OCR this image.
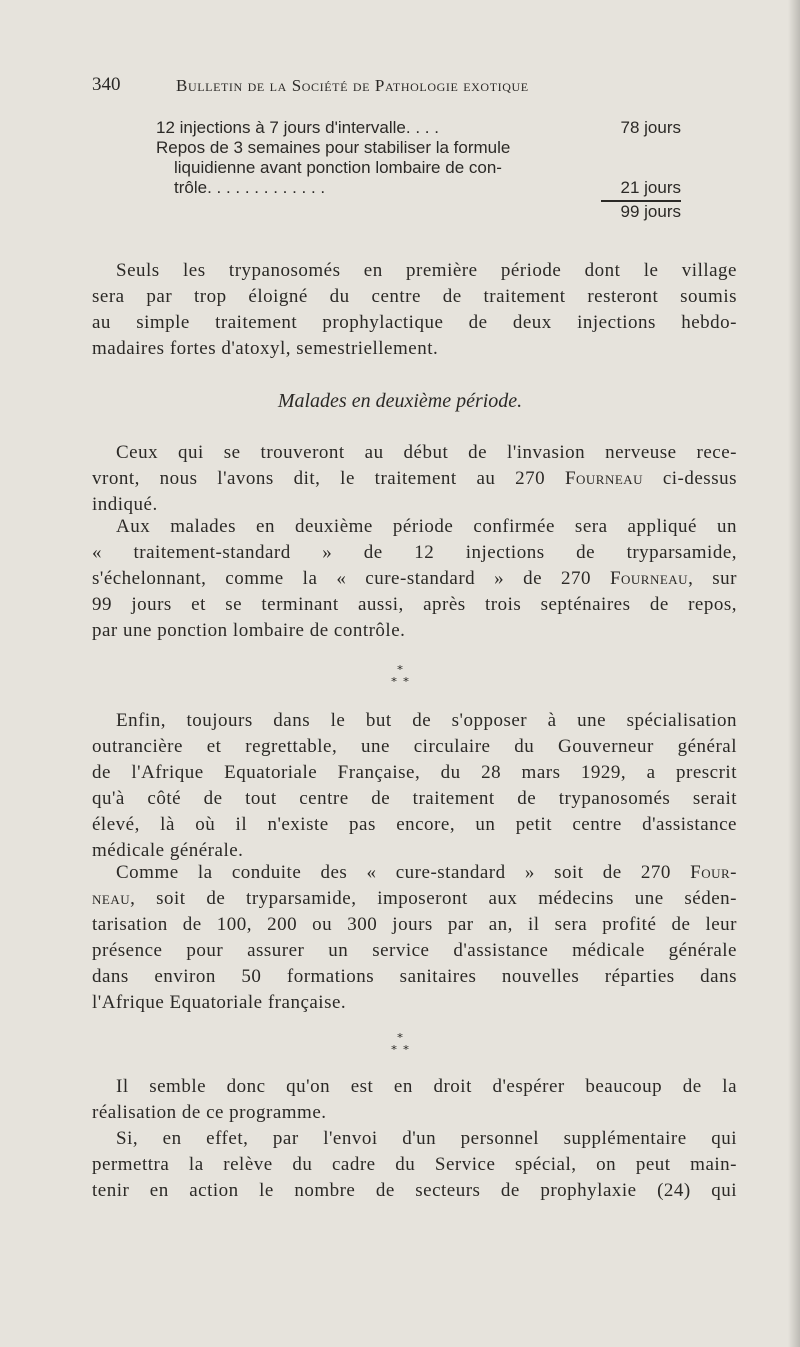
340	Bulletin de la Société de Pathologie exotique
12 injections à 7 jours d'intervalle. . . .	78 jours
Repos de 3 semaines pour stabiliser la formule
liquidienne avant ponction lombaire de con-
trôle. . . . . . . . . . . . .	21 jours
99 jours
Seuls les trypanosomés en première période dont le village
sera par trop éloigné du centre de traitement resteront soumis
au simple traitement prophylactique de deux injections hebdo-
madaires fortes d'atoxyl, semestriellement.
Malades en deuxième période.
Ceux qui se trouveront au début de l'invasion nerveuse rece-
vront, nous l'avons dit, le traitement au 270 Fourneau ci-dessus
indiqué.
Aux malades en deuxième période confirmée sera appliqué un
« traitement-standard » de 12 injections de tryparsamide,
s'échelonnant, comme la « cure-standard » de 270 Fourneau, sur
99 jours et se terminant aussi, après trois septénaires de repos,
par une ponction lombaire de contrôle.
⁎
⁎ ⁎
Enfin, toujours dans le but de s'opposer à une spécialisation
outrancière et regrettable, une circulaire du Gouverneur général
de l'Afrique Equatoriale Française, du 28 mars 1929, a prescrit
qu'à côté de tout centre de traitement de trypanosomés serait
élevé, là où il n'existe pas encore, un petit centre d'assistance
médicale générale.
Comme la conduite des « cure-standard » soit de 270 Four-
neau, soit de tryparsamide, imposeront aux médecins une séden-
tarisation de 100, 200 ou 300 jours par an, il sera profité de leur
présence pour assurer un service d'assistance médicale générale
dans environ 50 formations sanitaires nouvelles réparties dans
l'Afrique Equatoriale française.
⁎
⁎ ⁎
Il semble donc qu'on est en droit d'espérer beaucoup de la
réalisation de ce programme.
Si, en effet, par l'envoi d'un personnel supplémentaire qui
permettra la relève du cadre du Service spécial, on peut main-
tenir en action le nombre de secteurs de prophylaxie (24) qui
